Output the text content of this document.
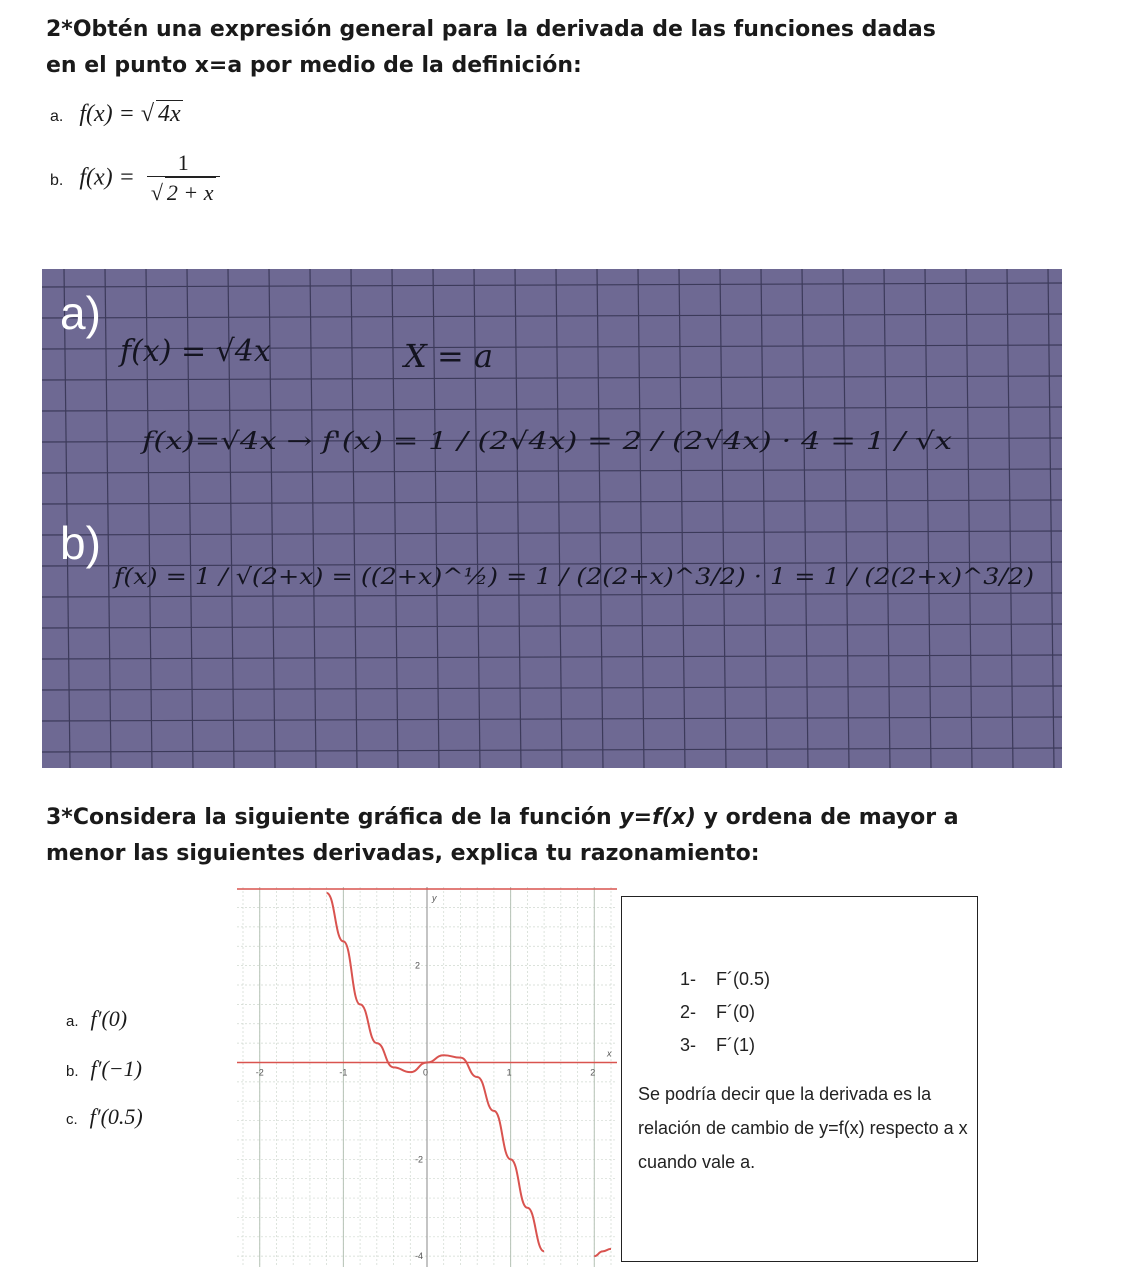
2*Obtén una expresión general para la derivada de las funciones dadas
en el punto x=a por medio de la definición:

a. f(x) = √ 4x
b. $f(x) = \frac{1}{√ 2 + x}$
a)
b)
f(x) = √4x	X = a
f(x)=√4x → f'(x) = 1 / (2√4x) = 2 / (2√4x) · 4 = 1 / √x
f(x) = 1 / √(2+x) = ((2+x)^½) = 1 / (2(2+x)^3/2) · 1 = 1 / (2(2+x)^3/2)

3*Considera la siguiente gráfica de la función y=f(x) y ordena de mayor a
menor las siguientes derivadas, explica tu razonamiento:

a. f′(0)
b. f′(−1)
c. f′(0.5)
-2	-1	0	1	2
2
-2
-4
x
y
1- F´(0.5)
2- F´(0)
3- F´(1)

Se podría decir que la derivada es la relación de cambio de y=f(x) respecto a x cuando vale a.
